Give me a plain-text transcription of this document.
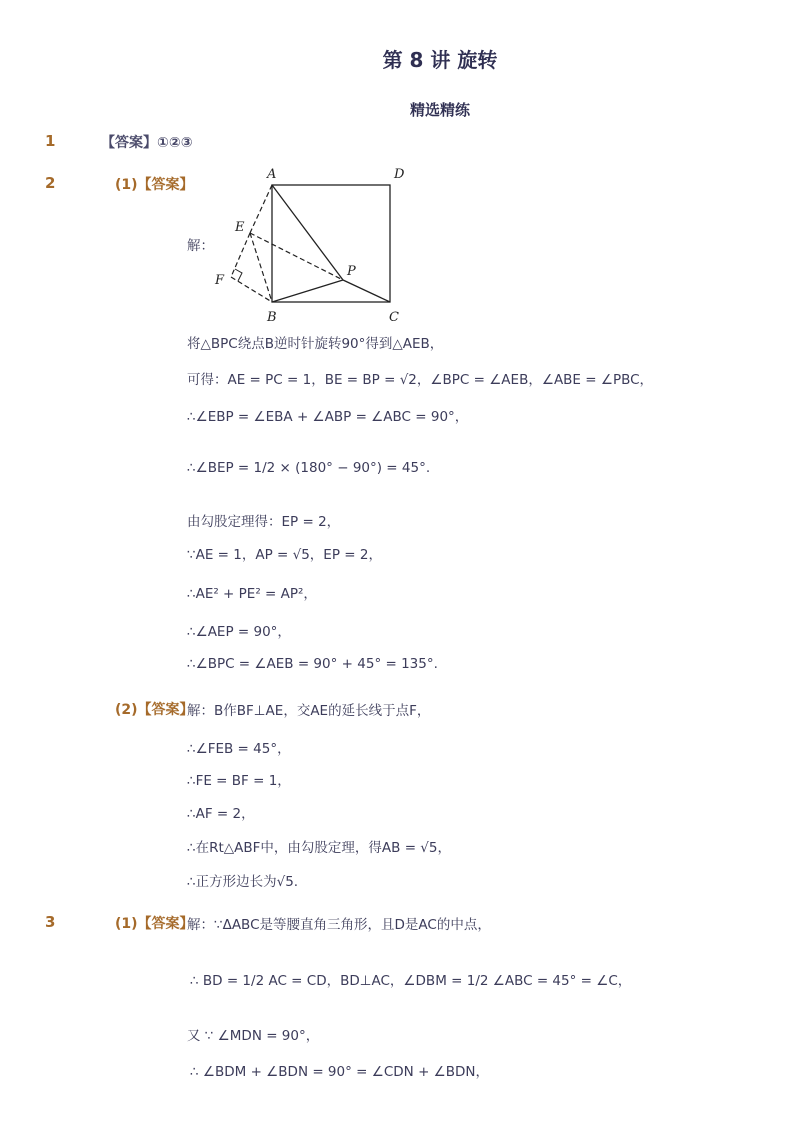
第 8 讲 旋转
精选精练
1	【答案】①②③
2	(1)【答案】
解：
A	D
E
P
F
B	C
将△BPC绕点B逆时针旋转90°得到△AEB，
可得：AE = PC = 1，BE = BP = √2，∠BPC = ∠AEB，∠ABE = ∠PBC，
∴∠EBP = ∠EBA + ∠ABP = ∠ABC = 90°，
∴∠BEP = 1/2 × (180° − 90°) = 45°.
由勾股定理得：EP = 2，
∵AE = 1，AP = √5，EP = 2，
∴AE² + PE² = AP²，
∴∠AEP = 90°，
∴∠BPC = ∠AEB = 90° + 45° = 135°.
(2)【答案】
解：B作BF⊥AE，交AE的延长线于点F，
∴∠FEB = 45°，
∴FE = BF = 1，
∴AF = 2，
∴在Rt△ABF中，由勾股定理，得AB = √5，
∴正方形边长为√5.
3	(1)【答案】
解：∵ΔABC是等腰直角三角形，且D是AC的中点，
∴ BD = 1/2 AC = CD，BD⊥AC，∠DBM = 1/2 ∠ABC = 45° = ∠C，
又 ∵ ∠MDN = 90°，
∴ ∠BDM + ∠BDN = 90° = ∠CDN + ∠BDN，
